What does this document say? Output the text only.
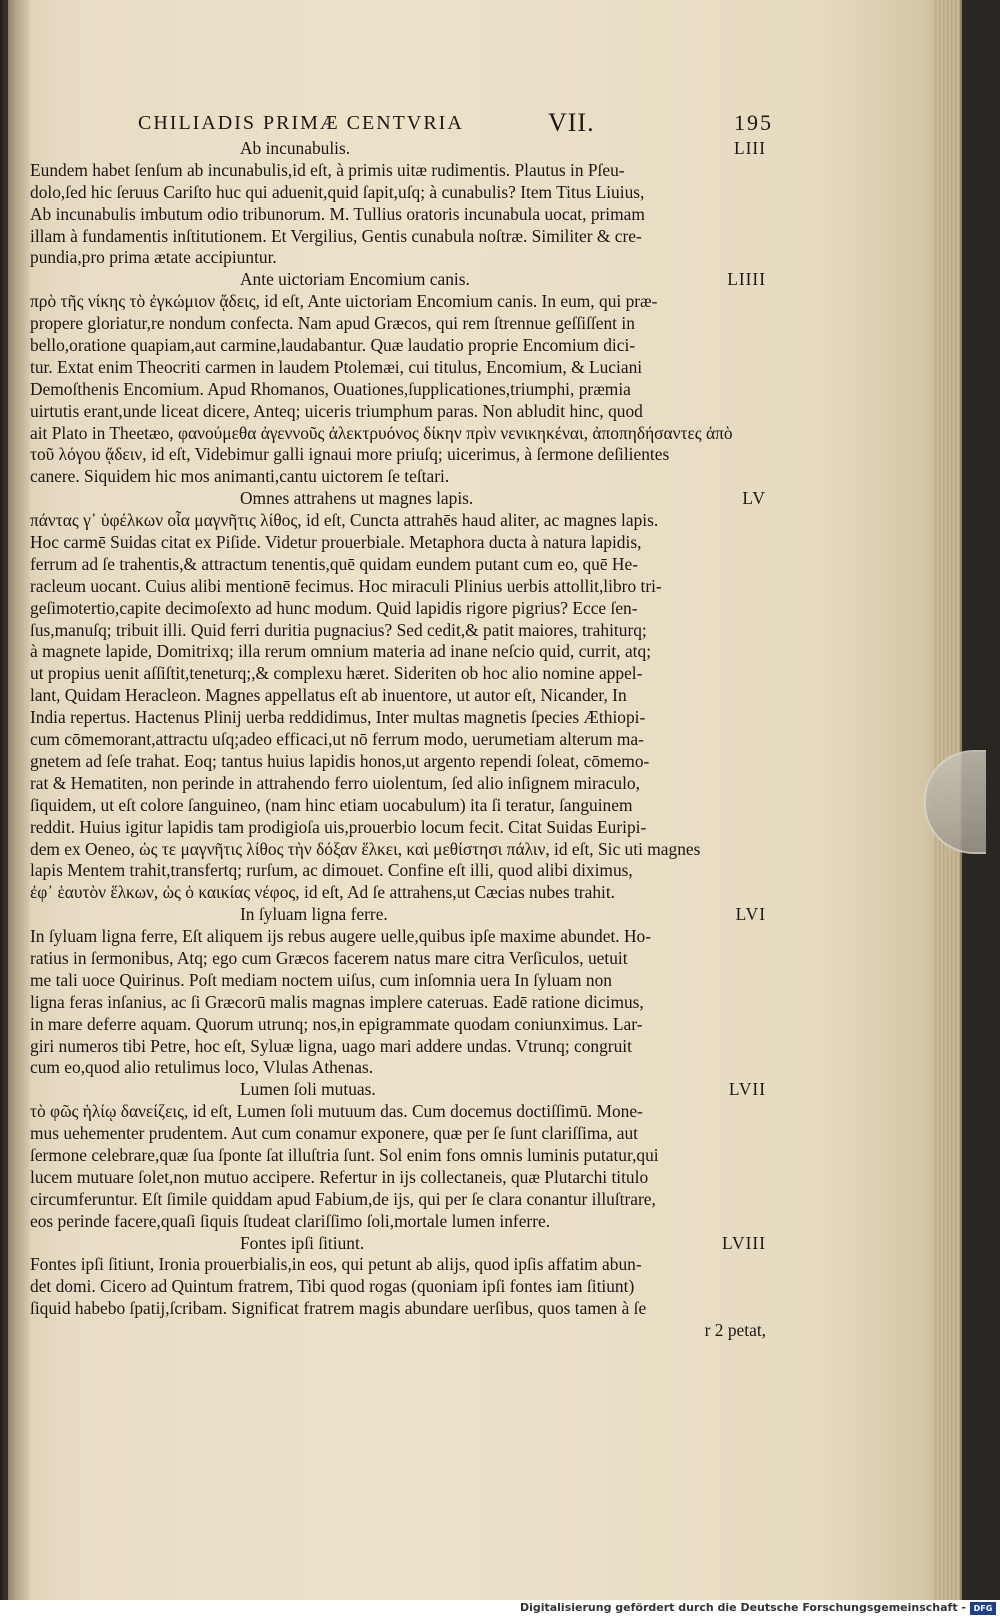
CHILIADIS PRIMÆ CENTVRIA	VII.	195
Ab incunabulis.	LIII
Eundem habet ſenſum ab incunabulis,id eſt, à primis uitæ rudimentis. Plautus in Pſeu-
dolo,ſed hic ſeruus Cariſto huc qui aduenit,quid ſapit,uſq; à cunabulis? Item Titus Liuius,
Ab incunabulis imbutum odio tribunorum. M. Tullius oratoris incunabula uocat, primam
illam à fundamentis inſtitutionem. Et Vergilius, Gentis cunabula noſtræ. Similiter & cre-
pundia,pro prima ætate accipiuntur.
Ante uictoriam Encomium canis.	LIIII
πρὸ τῆς νίκης τὸ ἐγκώμιον ᾄδεις, id eſt, Ante uictoriam Encomium canis. In eum, qui præ-
propere gloriatur,re nondum confecta. Nam apud Græcos, qui rem ſtrennue geſſiſſent in
bello,oratione quapiam,aut carmine,laudabantur. Quæ laudatio proprie Encomium dici-
tur. Extat enim Theocriti carmen in laudem Ptolemæi, cui titulus, Encomium, & Luciani
Demoſthenis Encomium. Apud Rhomanos, Ouationes,ſupplicationes,triumphi, præmia
uirtutis erant,unde liceat dicere, Anteq; uiceris triumphum paras. Non abludit hinc, quod
ait Plato in Theetæo, φανούμεθα ἀγεννοῦς ἀλεκτρυόνος δίκην πρὶν νενικηκέναι, ἀποπηδήσαντες ἀπὸ
τοῦ λόγου ᾄδειν, id eſt, Videbimur galli ignaui more priuſq; uicerimus, à ſermone deſilientes
canere. Siquidem hic mos animanti,cantu uictorem ſe teſtari.
Omnes attrahens ut magnes lapis.	LV
πάντας γ᾽ ὑφέλκων οἷα μαγνῆτις λίθος, id eſt, Cuncta attrahēs haud aliter, ac magnes lapis.
Hoc carmē Suidas citat ex Piſide. Videtur prouerbiale. Metaphora ducta à natura lapidis,
ferrum ad ſe trahentis,& attractum tenentis,quē quidam eundem putant cum eo, quē He-
racleum uocant. Cuius alibi mentionē fecimus. Hoc miraculi Plinius uerbis attollit,libro tri-
geſimotertio,capite decimoſexto ad hunc modum. Quid lapidis rigore pigrius? Ecce ſen-
ſus,manuſq; tribuit illi. Quid ferri duritia pugnacius? Sed cedit,& patit maiores, trahiturq;
à magnete lapide, Domitrixq; illa rerum omnium materia ad inane neſcio quid, currit, atq;
ut propius uenit aſſiſtit,teneturq;,& complexu hæret. Sideriten ob hoc alio nomine appel-
lant, Quidam Heracleon. Magnes appellatus eſt ab inuentore, ut autor eſt, Nicander, In
India repertus. Hactenus Plinij uerba reddidimus, Inter multas magnetis ſpecies Æthiopi-
cum cōmemorant,attractu uſq;adeo efficaci,ut nō ferrum modo, uerumetiam alterum ma-
gnetem ad ſeſe trahat. Eoq; tantus huius lapidis honos,ut argento rependi ſoleat, cōmemo-
rat & Hematiten, non perinde in attrahendo ferro uiolentum, ſed alio inſignem miraculo,
ſiquidem, ut eſt colore ſanguineo, (nam hinc etiam uocabulum) ita ſi teratur, ſanguinem
reddit. Huius igitur lapidis tam prodigioſa uis,prouerbio locum fecit. Citat Suidas Euripi-
dem ex Oeneo, ὡς τε μαγνῆτις λίθος τὴν δόξαν ἕλκει, καὶ μεθίστησι πάλιν, id eſt, Sic uti magnes
lapis Mentem trahit,transfertq; rurſum, ac dimouet. Confine eſt illi, quod alibi diximus,
ἐφ᾽ ἑαυτὸν ἕλκων, ὡς ὁ καικίας νέφος, id eſt, Ad ſe attrahens,ut Cæcias nubes trahit.
In ſyluam ligna ferre.	LVI
In ſyluam ligna ferre, Eſt aliquem ijs rebus augere uelle,quibus ipſe maxime abundet. Ho-
ratius in ſermonibus, Atq; ego cum Græcos facerem natus mare citra Verſiculos, uetuit
me tali uoce Quirinus. Poſt mediam noctem uiſus, cum inſomnia uera In ſyluam non
ligna feras inſanius, ac ſi Græcorū malis magnas implere cateruas. Eadē ratione dicimus,
in mare deferre aquam. Quorum utrunq; nos,in epigrammate quodam coniunximus. Lar-
giri numeros tibi Petre, hoc eſt, Syluæ ligna, uago mari addere undas. Vtrunq; congruit
cum eo,quod alio retulimus loco, Vlulas Athenas.
Lumen ſoli mutuas.	LVII
τὸ φῶς ἡλίῳ δανείζεις, id eſt, Lumen ſoli mutuum das. Cum docemus doctiſſimū. Mone-
mus uehementer prudentem. Aut cum conamur exponere, quæ per ſe ſunt clariſſima, aut
ſermone celebrare,quæ ſua ſponte ſat illuſtria ſunt. Sol enim fons omnis luminis putatur,qui
lucem mutuare ſolet,non mutuo accipere. Refertur in ijs collectaneis, quæ Plutarchi titulo
circumferuntur. Eſt ſimile quiddam apud Fabium,de ijs, qui per ſe clara conantur illuſtrare,
eos perinde facere,quaſi ſiquis ſtudeat clariſſimo ſoli,mortale lumen inferre.
Fontes ipſi ſitiunt.	LVIII
Fontes ipſi ſitiunt, Ironia prouerbialis,in eos, qui petunt ab alijs, quod ipſis affatim abun-
det domi. Cicero ad Quintum fratrem, Tibi quod rogas (quoniam ipſi fontes iam ſitiunt)
ſiquid habebo ſpatij,ſcribam. Significat fratrem magis abundare uerſibus, quos tamen à ſe
r 2 petat,
Digitalisierung gefördert durch die Deutsche Forschungsgemeinschaft - DFG
